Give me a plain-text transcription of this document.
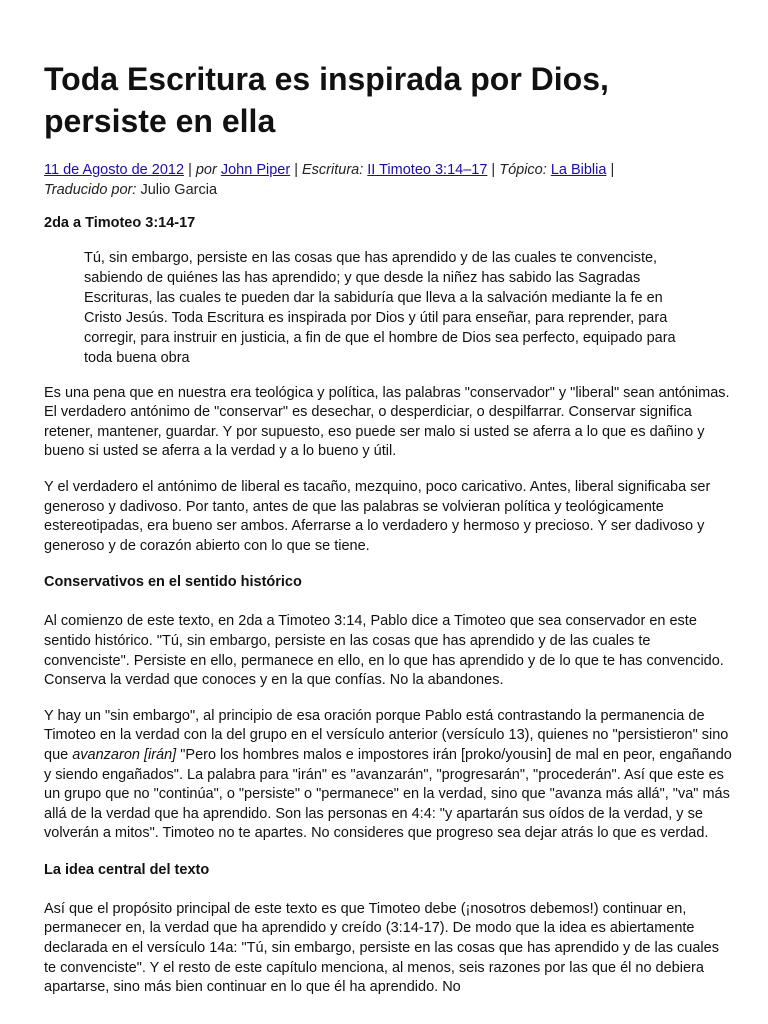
Toda Escritura es inspirada por Dios, persiste en ella
11 de Agosto de 2012 | por John Piper | Escritura: II Timoteo 3:14–17 | Tópico: La Biblia |
Traducido por: Julio Garcia

2da a Timoteo 3:14-17

Tú, sin embargo, persiste en las cosas que has aprendido y de las cuales te convenciste, sabiendo de quiénes las has aprendido; y que desde la niñez has sabido las Sagradas Escrituras, las cuales te pueden dar la sabiduría que lleva a la salvación mediante la fe en Cristo Jesús. Toda Escritura es inspirada por Dios y útil para enseñar, para reprender, para corregir, para instruir en justicia, a fin de que el hombre de Dios sea perfecto, equipado para toda buena obra

Es una pena que en nuestra era teológica y política, las palabras "conservador" y "liberal" sean antónimas. El verdadero antónimo de "conservar" es desechar, o desperdiciar, o despilfarrar. Conservar significa retener, mantener, guardar. Y por supuesto, eso puede ser malo si usted se aferra a lo que es dañino y bueno si usted se aferra a la verdad y a lo bueno y útil.

Y el verdadero el antónimo de liberal es tacaño, mezquino, poco caricativo. Antes, liberal significaba ser generoso y dadivoso. Por tanto, antes de que las palabras se volvieran política y teológicamente estereotipadas, era bueno ser ambos. Aferrarse a lo verdadero y hermoso y precioso. Y ser dadivoso y generoso y de corazón abierto con lo que se tiene.

Conservativos en el sentido histórico

Al comienzo de este texto, en 2da a Timoteo 3:14, Pablo dice a Timoteo que sea conservador en este sentido histórico. "Tú, sin embargo, persiste en las cosas que has aprendido y de las cuales te convenciste". Persiste en ello, permanece en ello, en lo que has aprendido y de lo que te has convencido. Conserva la verdad que conoces y en la que confías. No la abandones.

Y hay un "sin embargo", al principio de esa oración porque Pablo está contrastando la permanencia de Timoteo en la verdad con la del grupo en el versículo anterior (versículo 13), quienes no "persistieron" sino que avanzaron [irán] "Pero los hombres malos e impostores irán [proko/yousin] de mal en peor, engañando y siendo engañados". La palabra para "irán" es "avanzarán", "progresarán", "procederán". Así que este es un grupo que no "continúa", o "persiste" o "permanece" en la verdad, sino que "avanza más allá", "va" más allá de la verdad que ha aprendido. Son las personas en 4:4: "y apartarán sus oídos de la verdad, y se volverán a mitos". Timoteo no te apartes. No consideres que progreso sea dejar atrás lo que es verdad.

La idea central del texto

Así que el propósito principal de este texto es que Timoteo debe (¡nosotros debemos!) continuar en, permanecer en, la verdad que ha aprendido y creído (3:14-17). De modo que la idea es abiertamente declarada en el versículo 14a: "Tú, sin embargo, persiste en las cosas que has aprendido y de las cuales te convenciste". Y el resto de este capítulo menciona, al menos, seis razones por las que él no debiera apartarse, sino más bien continuar en lo que él ha aprendido. No
